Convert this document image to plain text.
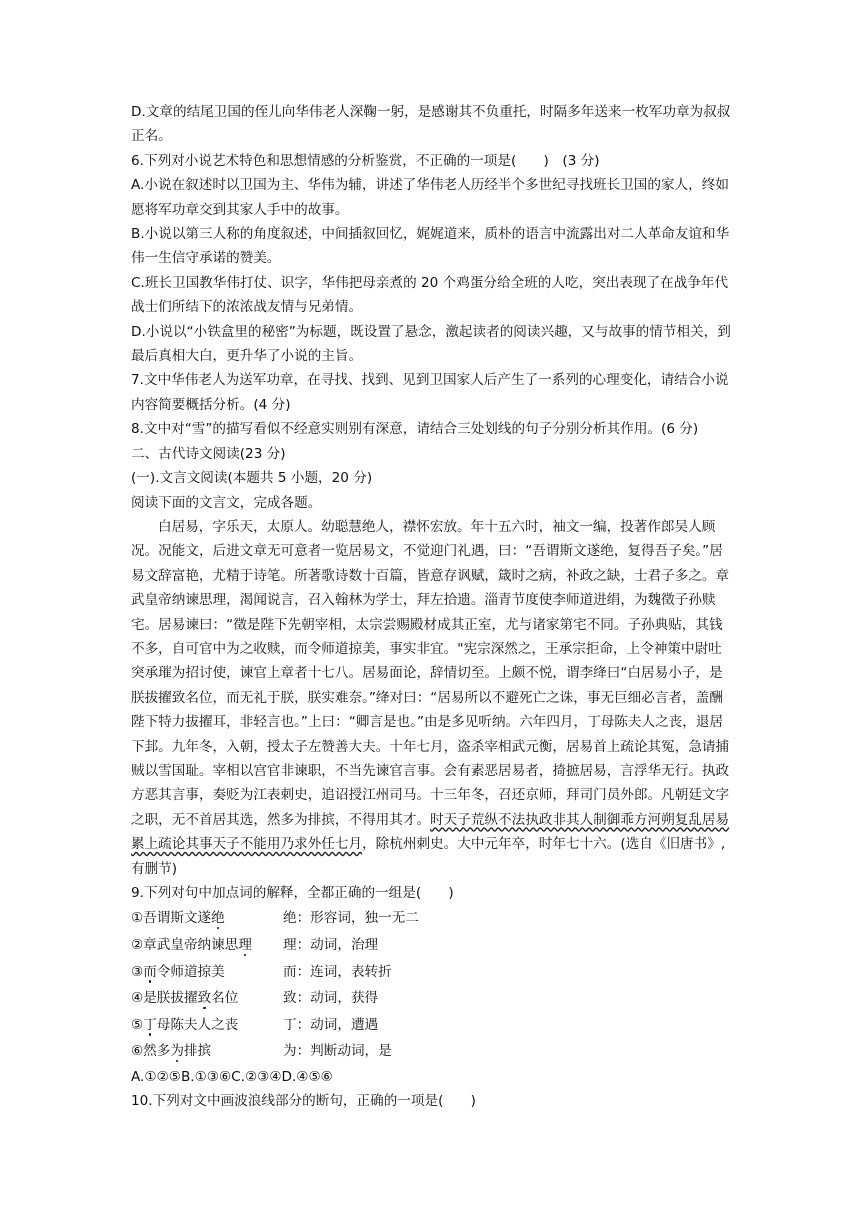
D.文章的结尾卫国的侄儿向华伟老人深鞠一躬，是感谢其不负重托，时隔多年送来一枚军功章为叔叔正名。

6.下列对小说艺术特色和思想情感的分析鉴赏，不正确的一项是(　　)　(3 分)

A.小说在叙述时以卫国为主、华伟为辅，讲述了华伟老人历经半个多世纪寻找班长卫国的家人，终如愿将军功章交到其家人手中的故事。

B.小说以第三人称的角度叙述，中间插叙回忆，娓娓道来，质朴的语言中流露出对二人革命友谊和华伟一生信守承诺的赞美。

C.班长卫国教华伟打仗、识字，华伟把母亲煮的 20 个鸡蛋分给全班的人吃，突出表现了在战争年代战士们所结下的浓浓战友情与兄弟情。

D.小说以“小铁盒里的秘密”为标题，既设置了悬念，激起读者的阅读兴趣，又与故事的情节相关，到最后真相大白，更升华了小说的主旨。

7.文中华伟老人为送军功章，在寻找、找到、见到卫国家人后产生了一系列的心理变化，请结合小说内容简要概括分析。(4 分)

8.文中对“雪”的描写看似不经意实则别有深意，请结合三处划线的句子分别分析其作用。(6 分)

二、古代诗文阅读(23 分)

(一).文言文阅读(本题共 5 小题，20 分)

阅读下面的文言文，完成各题。

白居易，字乐天，太原人。幼聪慧绝人，襟怀宏放。年十五六时，袖文一编，投著作郎吴人顾况。况能文，后进文章无可意者一览居易文，不觉迎门礼遇，曰：“吾谓斯文遂绝，复得吾子矣。”居易文辞富艳，尤精于诗笔。所著歌诗数十百篇，皆意存讽赋，箴时之病，补政之缺，士君子多之。章武皇帝纳谏思理，渴闻说言，召入翰林为学士，拜左拾遗。淄青节度使李师道进绢，为魏徵子孙赎宅。居易谏曰：“徵是陛下先朝宰相，太宗尝赐殿材成其正室，尤与诸家第宅不同。子孙典贴，其钱不多，自可官中为之收赎，而令师道掠美，事实非宜。"宪宗深然之，王承宗拒命，上令神策中尉吐突承璀为招讨使，谏官上章者十七八。居易面论，辞情切至。上颇不悦，谓李绛曰“白居易小子，是朕拔擢致名位，而无礼于朕，朕实难奈。”绛对曰：“居易所以不避死亡之诛，事无巨细必言者，盖酬陛下特力拔擢耳，非轻言也。”上曰：“卿言是也。”由是多见听纳。六年四月，丁母陈夫人之丧，退居下邽。九年冬，入朝，授太子左赞善大夫。十年七月，盗杀宰相武元衡，居易首上疏论其冤，急请捕贼以雪国耻。宰相以宫官非谏职，不当先谏官言事。会有素恶居易者，掎摭居易，言浮华无行。执政方恶其言事，奏贬为江表刺史，追诏授江州司马。十三年冬，召还京师，拜司门员外郎。凡朝廷文字之职，无不首居其选，然多为排摈，不得用其才。时天子荒纵不法执政非其人制御乖方河朔复乱居易累上疏论其事天子不能用乃求外任七月，除杭州刺史。大中元年卒，时年七十六。(选自《旧唐书》,有删节)

9.下列对句中加点词的解释，全都正确的一组是(　　)

①吾谓斯文遂绝	绝：形容词，独一无二
②章武皇帝纳谏思理	理：动词，治理
③而令师道掠美	而：连词，表转折
④是朕拔擢致名位	致：动词，获得
⑤丁母陈夫人之丧	丁：动词，遭遇
⑥然多为排摈	为：判断动词，是

A.①②⑤B.①③⑥C.②③④D.④⑤⑥

10.下列对文中画波浪线部分的断句，正确的一项是(　　)
